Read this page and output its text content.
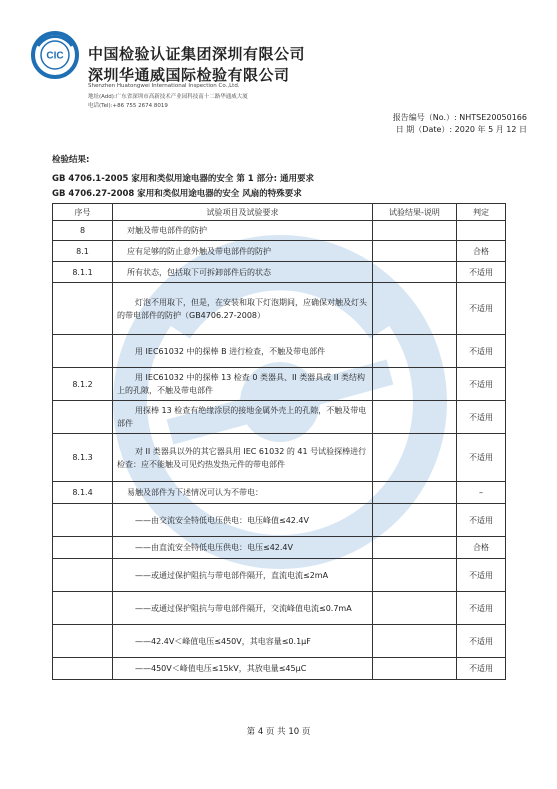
CIC 中国检验认证集团深圳有限公司
深圳华通威国际检验有限公司
Shenzhen Huatongwei International Inspection Co.,Ltd.
地址(Add):广东省深圳市高新技术产业园科技南十二路华通威大厦
电话(Tel):+86 755 2674 8019
报告编号（No.）: NHTSE20050166
日 期（Date）: 2020 年 5 月 12 日
检验结果:
GB 4706.1-2005 家用和类似用途电器的安全 第 1 部分: 通用要求
GB 4706.27-2008 家用和类似用途电器的安全 风扇的特殊要求
序号	试验项目及试验要求	试验结果-说明	判定
8	对触及带电部件的防护		
8.1	应有足够的防止意外触及带电部件的防护		合格
8.1.1	所有状态，包括取下可拆卸部件后的状态		不适用
	灯泡不用取下，但是，在安装和取下灯泡期间，应确保对触及灯头的带电部件的防护（GB4706.27-2008）		不适用
	用 IEC61032 中的探棒 B 进行检查，不触及带电部件		不适用
8.1.2	用 IEC61032 中的探棒 13 检查 0 类器具、II 类器具或 II 类结构上的孔隙，不触及带电部件		不适用
	用探棒 13 检查有绝缘涂层的接地金属外壳上的孔隙，不触及带电部件		不适用
8.1.3	对 II 类器具以外的其它器具用 IEC 61032 的 41 号试验探棒进行检查：应不能触及可见灼热发热元件的带电部件		不适用
8.1.4	易触及部件为下述情况可认为不带电：		–
	——由交流安全特低电压供电：电压峰值≤42.4V		不适用
	——由直流安全特低电压供电：电压≤42.4V		合格
	——或通过保护阻抗与带电部件隔开，直流电流≤2mA		不适用
	——或通过保护阻抗与带电部件隔开，交流峰值电流≤0.7mA		不适用
	——42.4V＜峰值电压≤450V，其电容量≤0.1μF		不适用
	——450V＜峰值电压≤15kV，其放电量≤45μC		不适用
第 4 页 共 10 页
